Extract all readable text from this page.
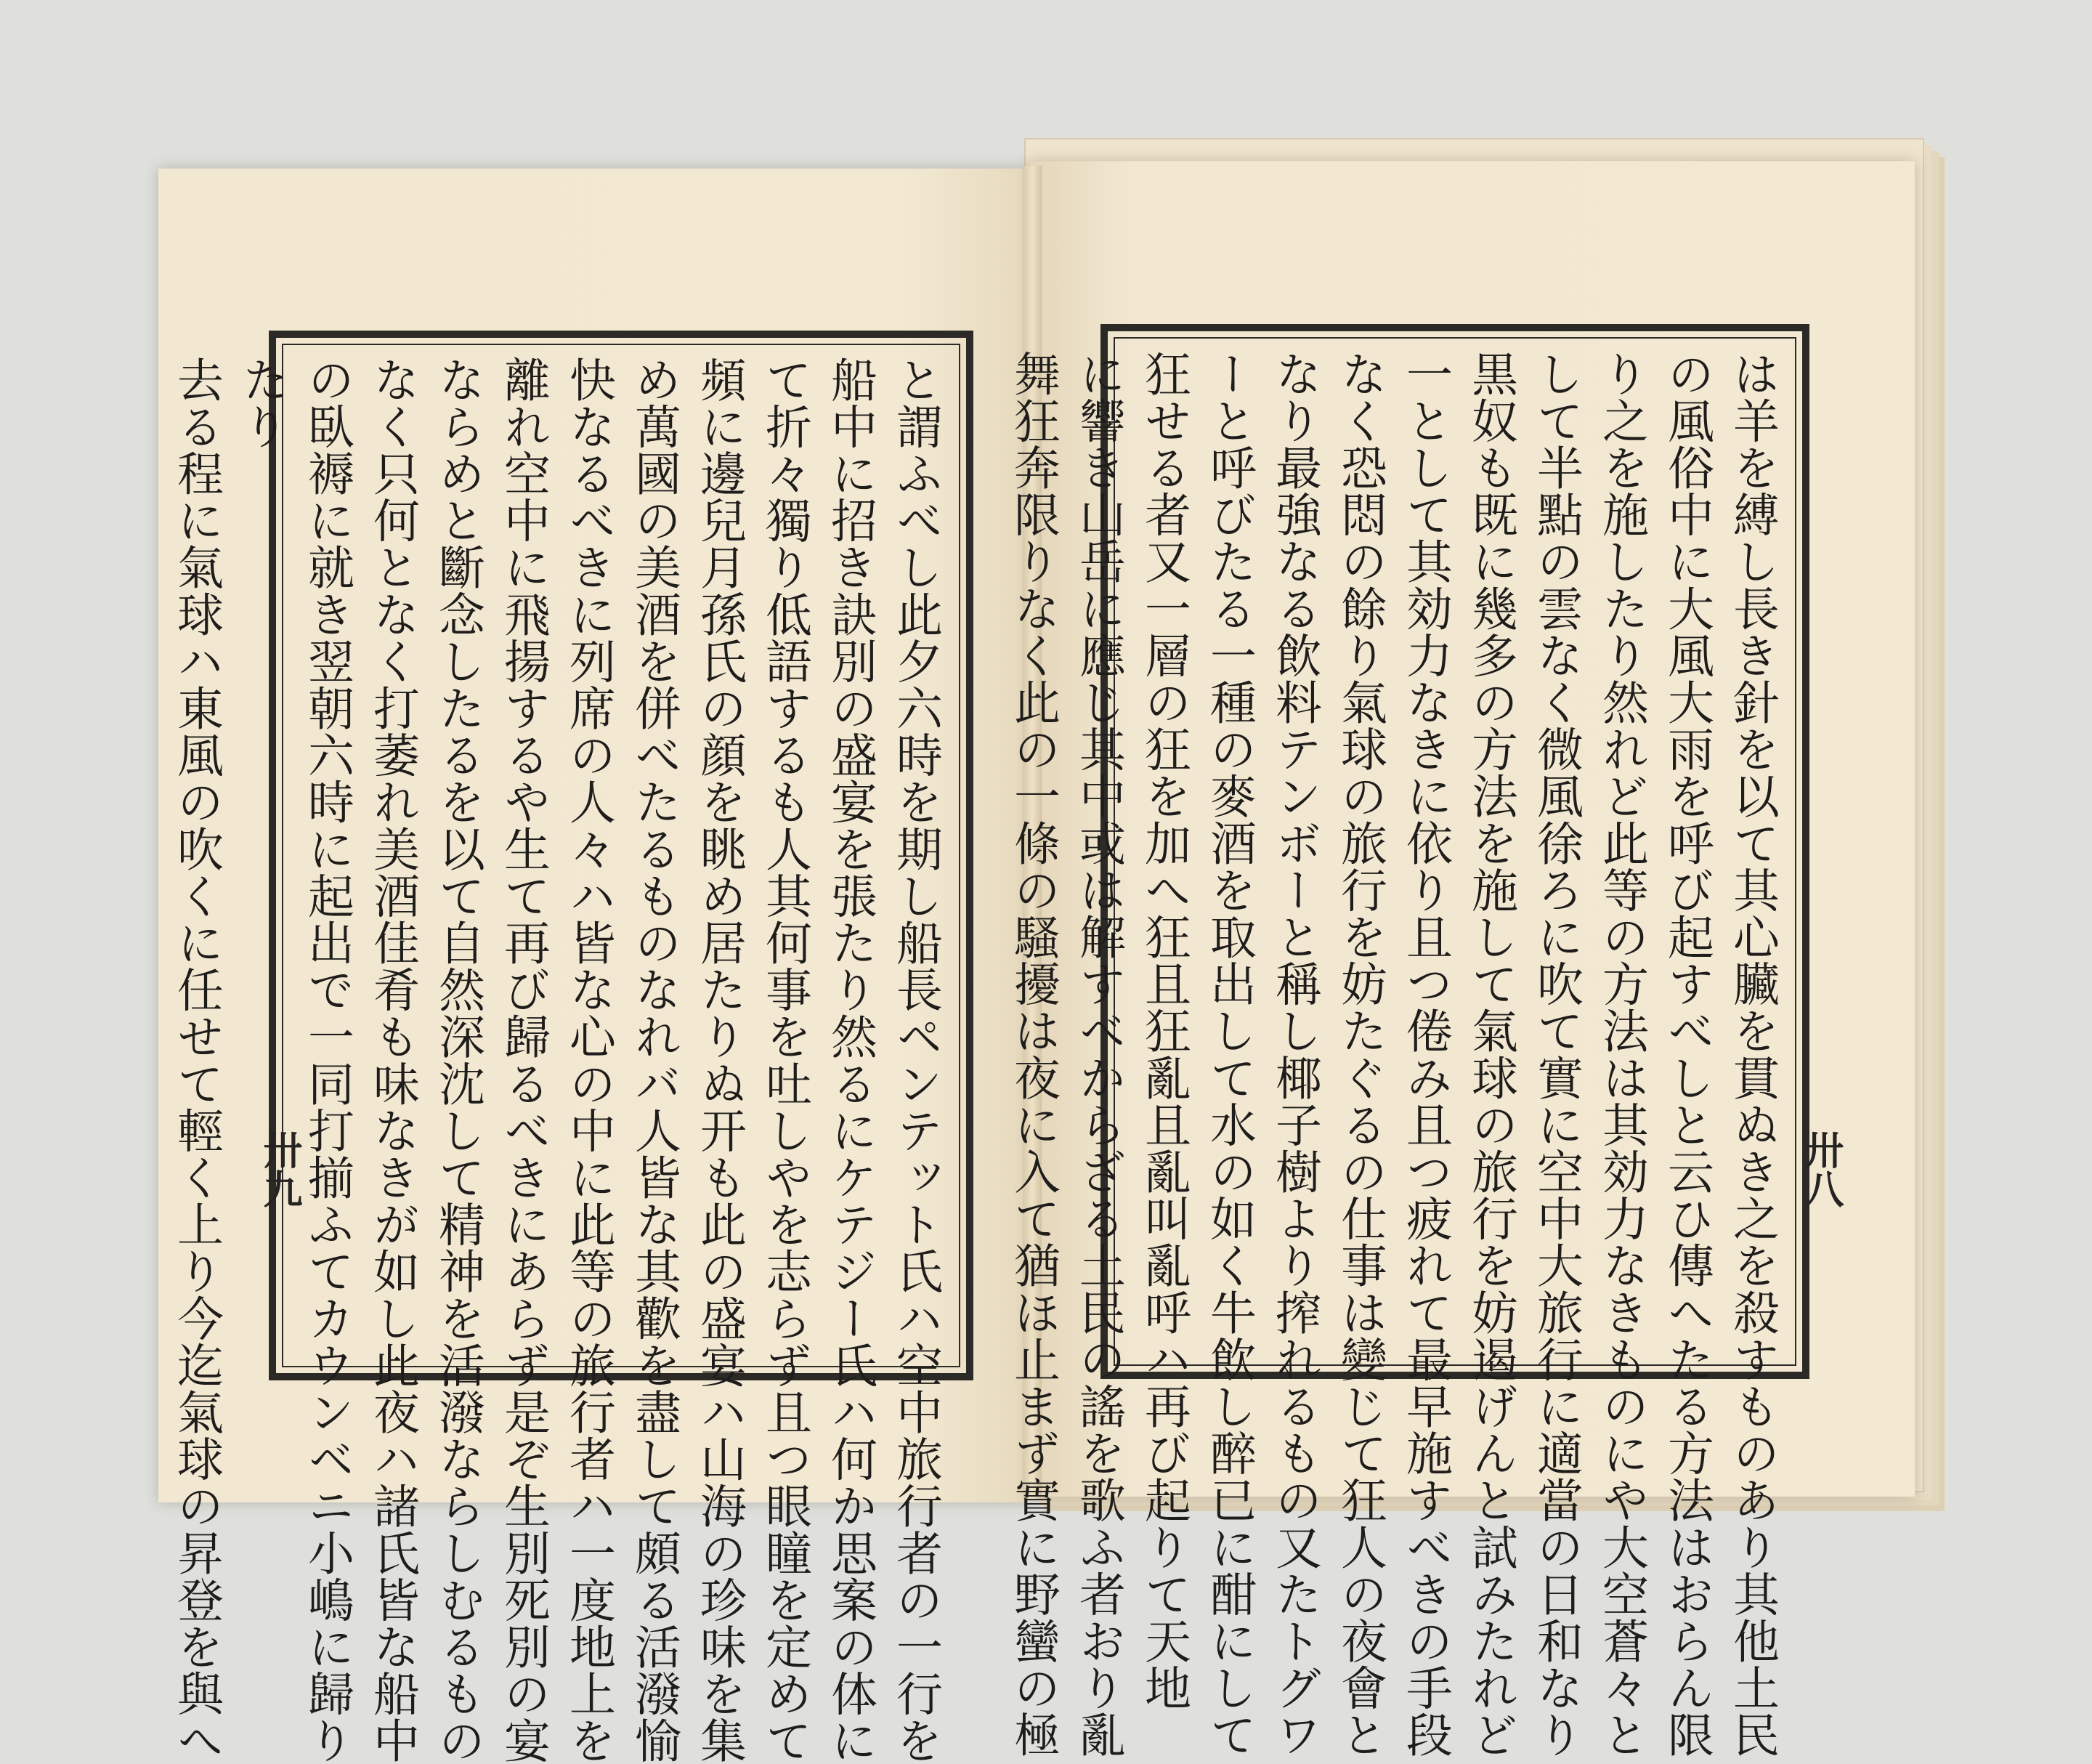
と謂ふべし此夕六時を期し船長ペンテット氏ハ空中旅行者の一行を
船中に招き訣別の盛宴を張たり然るにケテジー氏ハ何か思案の体に
て折々獨り低語するも人其何事を吐しやを志らず且つ眼瞳を定めて
頻に邊兒月孫氏の顔を眺め居たりぬ开も此の盛宴ハ山海の珍味を集
め萬國の美酒を併べたるものなれバ人皆な其歡を盡して頗る活潑愉
快なるべきに列席の人々ハ皆な心の中に此等の旅行者ハ一度地上を
離れ空中に飛揚するや生て再び歸るべきにあらず是ぞ生別死別の宴
ならめと斷念したるを以て自然深沈して精神を活潑ならしむるもの
なく只何となく打萎れ美酒佳肴も味なきが如し此夜ハ諸氏皆な船中
の臥褥に就き翌朝六時に起出で一同打揃ふてカウンベニ小嶋に歸り
たり
去る程に氣球ハ東風の吹くに任せて輕く上り今迄氣球の昇登を與へ	は羊を縛し長き針を以て其心臟を貫ぬき之を殺すものあり其他土民
の風俗中に大風大雨を呼び起すべしと云ひ傳へたる方法はおらん限
り之を施したり然れど此等の方法は其効力なきものにや大空蒼々と
して半點の雲なく微風徐ろに吹て實に空中大旅行に適當の日和なり
黒奴も既に幾多の方法を施して氣球の旅行を妨遏げんと試みたれど
一として其効力なきに依り且つ倦み且つ疲れて最早施すべきの手段
なく恐悶の餘り氣球の旅行を妨たぐるの仕事は變じて狂人の夜會と
なり最強なる飲料テンボーと稱し椰子樹より搾れるもの又たトグワ
ーと呼びたる一種の麥酒を取出して水の如く牛飲し醉已に酣にして
狂せる者又一層の狂を加へ狂且狂亂且亂叫亂呼ハ再び起りて天地
に響き山岳に應じ其中或は解すべからざる土民の謠を歌ふ者おり亂
舞狂奔限りなく此の一條の騷擾は夜に入て猶ほ止まず實に野蠻の極
卅九	卅八
